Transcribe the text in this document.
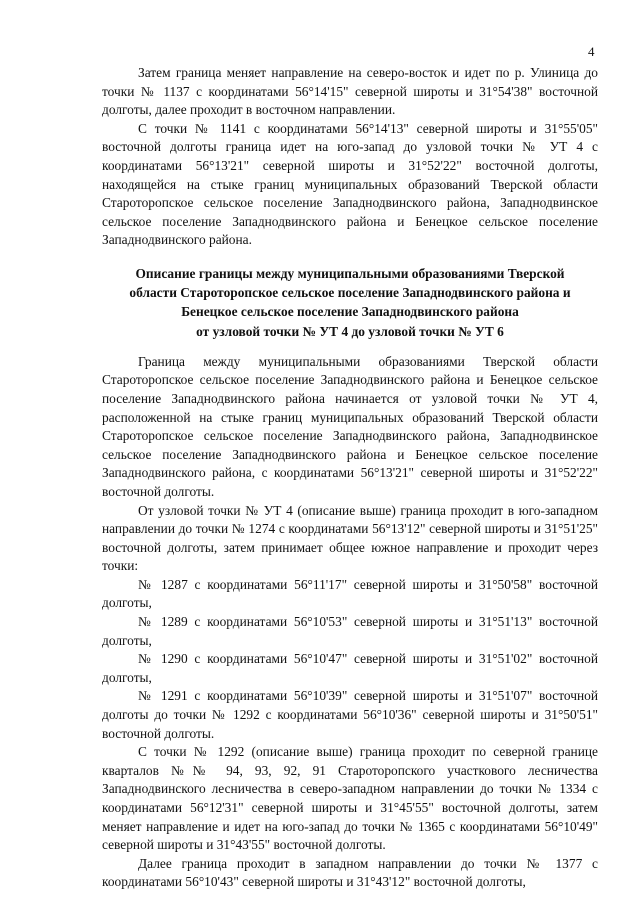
4

Затем граница меняет направление на северо-восток и идет по р. Улиница до точки № 1137 с координатами 56°14'15" северной широты и 31°54'38" восточной долготы, далее проходит в восточном направлении.

С точки № 1141 с координатами 56°14'13" северной широты и 31°55'05" восточной долготы граница идет на юго-запад до узловой точки № УТ 4 с координатами 56°13'21" северной широты и 31°52'22" восточной долготы, находящейся на стыке границ муниципальных образований Тверской области Староторопское сельское поселение Западнодвинского района, Западнодвинское сельское поселение Западнодвинского района и Бенецкое сельское поселение Западнодвинского района.

Описание границы между муниципальными образованиями Тверской
области Староторопское сельское поселение Западнодвинского района и
Бенецкое сельское поселение Западнодвинского района
от узловой точки № УТ 4 до узловой точки № УТ 6

Граница между муниципальными образованиями Тверской области Староторопское сельское поселение Западнодвинского района и Бенецкое сельское поселение Западнодвинского района начинается от узловой точки № УТ 4, расположенной на стыке границ муниципальных образований Тверской области Староторопское сельское поселение Западнодвинского района, Западнодвинское сельское поселение Западнодвинского района и Бенецкое сельское поселение Западнодвинского района, с координатами 56°13'21" северной широты и 31°52'22" восточной долготы.

От узловой точки № УТ 4 (описание выше) граница проходит в юго-западном направлении до точки № 1274 с координатами 56°13'12" северной широты и 31°51'25" восточной долготы, затем принимает общее южное направление и проходит через точки:

№ 1287 с координатами 56°11'17" северной широты и 31°50'58" восточной долготы,

№ 1289 с координатами 56°10'53" северной широты и 31°51'13" восточной долготы,

№ 1290 с координатами 56°10'47" северной широты и 31°51'02" восточной долготы,

№ 1291 с координатами 56°10'39" северной широты и 31°51'07" восточной долготы до точки № 1292 с координатами 56°10'36" северной широты и 31°50'51" восточной долготы.

С точки № 1292 (описание выше) граница проходит по северной границе кварталов №№ 94, 93, 92, 91 Староторопского участкового лесничества Западнодвинского лесничества в северо-западном направлении до точки № 1334 с координатами 56°12'31" северной широты и 31°45'55" восточной долготы, затем меняет направление и идет на юго-запад до точки № 1365 с координатами 56°10'49" северной широты и 31°43'55" восточной долготы.

Далее граница проходит в западном направлении до точки № 1377 с координатами 56°10'43" северной широты и 31°43'12" восточной долготы,
